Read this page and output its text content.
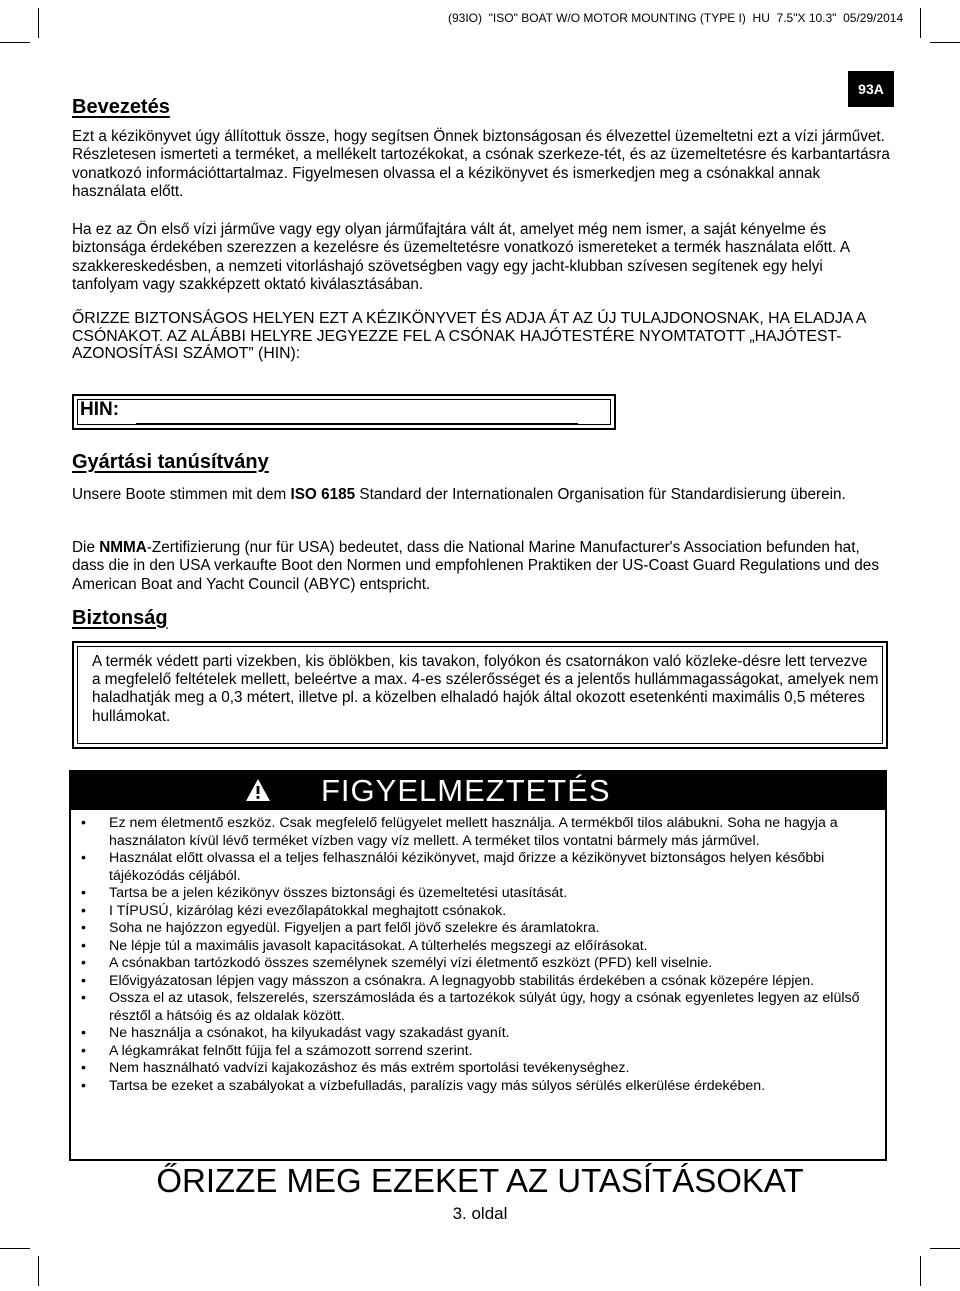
(93IO)  "ISO" BOAT W/O MOTOR MOUNTING (TYPE I)  HU  7.5"X 10.3"  05/29/2014
93A
Bevezetés

Ezt a kézikönyvet úgy állítottuk össze, hogy segítsen Önnek biztonságosan és élvezettel üzemeltetni ezt a vízi járművet. Részletesen ismerteti a terméket, a mellékelt tartozékokat, a csónak szerkeze-tét, és az üzemeltetésre és karbantartásra vonatkozó információttartalmaz. Figyelmesen olvassa el a kézikönyvet és ismerkedjen meg a csónakkal annak használata előtt.

Ha ez az Ön első vízi járműve vagy egy olyan járműfajtára vált át, amelyet még nem ismer, a saját kényelme és biztonsága érdekében szerezzen a kezelésre és üzemeltetésre vonatkozó ismereteket a termék használata előtt. A szakkereskedésben, a nemzeti vitorláshajó szövetségben vagy egy jacht-klubban szívesen segítenek egy helyi tanfolyam vagy szakképzett oktató kiválasztásában.

ŐRIZZE BIZTONSÁGOS HELYEN EZT A KÉZIKÖNYVET ÉS ADJA ÁT AZ ÚJ TULAJDONOSNAK, HA ELADJA A CSÓNAKOT. AZ ALÁBBI HELYRE JEGYEZZE FEL A CSÓNAK HAJÓTESTÉRE NYOMTATOTT „HAJÓTEST-AZONOSÍTÁSI SZÁMOT” (HIN):

HIN:
Gyártási tanúsítvány

Unsere Boote stimmen mit dem ISO 6185 Standard der Internationalen Organisation für Standardisierung überein.

Die NMMA-Zertifizierung (nur für USA) bedeutet, dass die National Marine Manufacturer's Association befunden hat, dass die in den USA verkaufte Boot den Normen und empfohlenen Praktiken der US-Coast Guard Regulations und des American Boat and Yacht Council (ABYC) entspricht.

Biztonság
A termék védett parti vizekben, kis öblökben, kis tavakon, folyókon és csatornákon való közleke-désre lett tervezve a megfelelő feltételek mellett, beleértve a max. 4-es szélerősséget és a jelentős hullámmagasságokat, amelyek nem haladhatják meg a 0,3 métert, illetve pl. a közelben elhaladó hajók által okozott esetenkénti maximális 0,5 méteres hullámokat.
FIGYELMEZTETÉS
• Ez nem életmentő eszköz. Csak megfelelő felügyelet mellett használja. A termékből tilos alábukni. Soha ne hagyja a használaton kívül lévő terméket vízben vagy víz mellett. A terméket tilos vontatni bármely más járművel.
• Használat előtt olvassa el a teljes felhasználói kézikönyvet, majd őrizze a kézikönyvet biztonságos helyen későbbi tájékozódás céljából.
• Tartsa be a jelen kézikönyv összes biztonsági és üzemeltetési utasítását.
• I TÍPUSÚ, kizárólag kézi evezőlapátokkal meghajtott csónakok.
• Soha ne hajózzon egyedül. Figyeljen a part felől jövő szelekre és áramlatokra.
• Ne lépje túl a maximális javasolt kapacitásokat. A túlterhelés megszegi az előírásokat.
• A csónakban tartózkodó összes személynek személyi vízi életmentő eszközt (PFD) kell viselnie.
• Elővigyázatosan lépjen vagy másszon a csónakra. A legnagyobb stabilitás érdekében a csónak közepére lépjen.
• Ossza el az utasok, felszerelés, szerszámosláda és a tartozékok súlyát úgy, hogy a csónak egyenletes legyen az elülső résztől a hátsóig és az oldalak között.
• Ne használja a csónakot, ha kilyukadást vagy szakadást gyanít.
• A légkamrákat felnőtt fújja fel a számozott sorrend szerint.
• Nem használható vadvízi kajakozáshoz és más extrém sportolási tevékenységhez.
• Tartsa be ezeket a szabályokat a vízbefulladás, paralízis vagy más súlyos sérülés elkerülése érdekében.
ŐRIZZE MEG EZEKET AZ UTASÍTÁSOKAT
3. oldal
